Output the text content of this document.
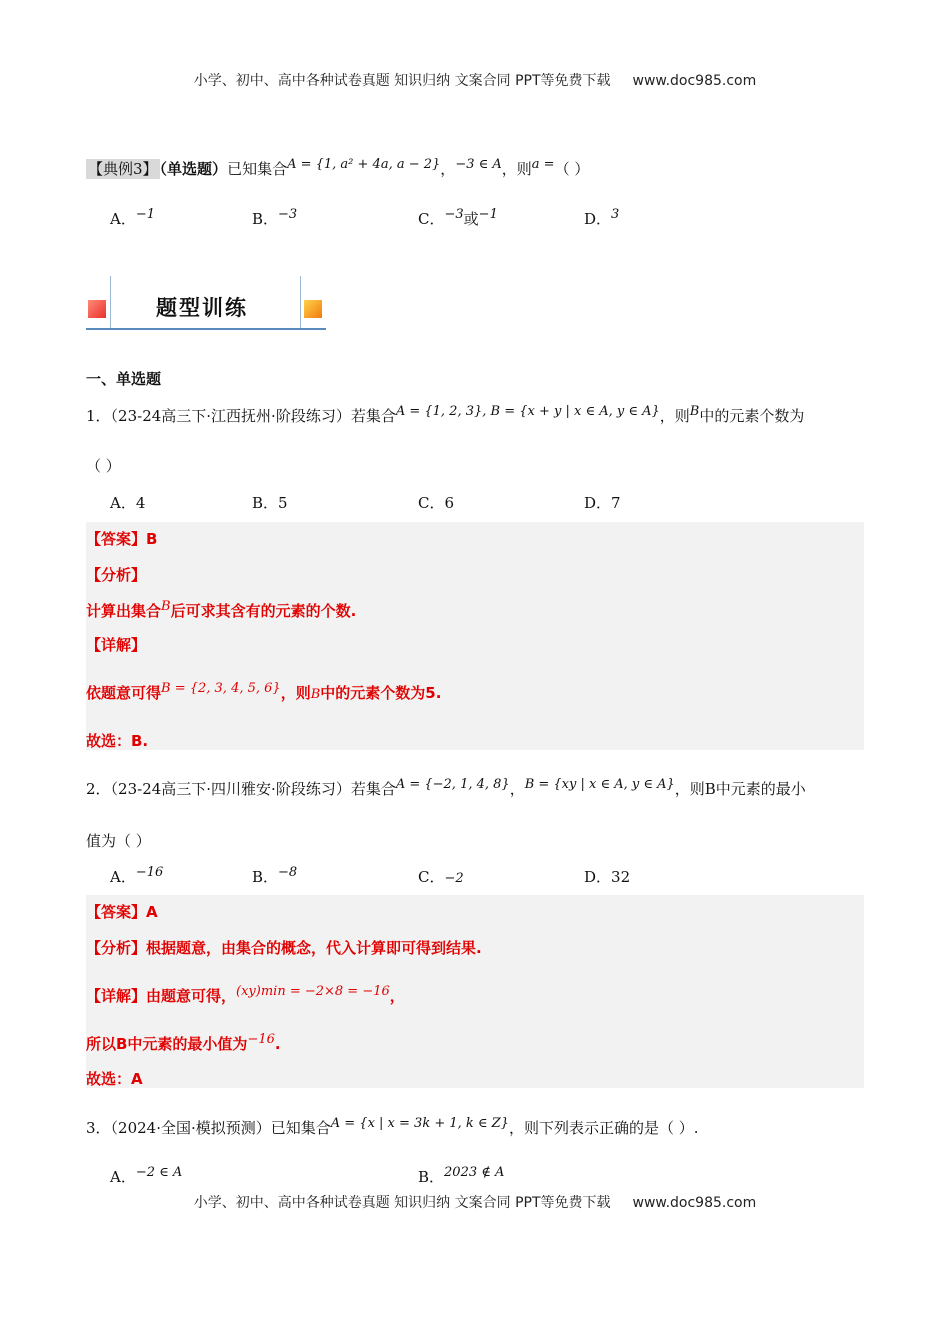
小学、初中、高中各种试卷真题 知识归纳 文案合同 PPT等免费下载 www.doc985.com
【典例3】 （单选题）已知集合A = {1, a² + 4a, a − 2}，−3 ∈ A，则a =（ ）
A．−1	B．−3	C．−3或−1	D．3
题型训练
一、单选题
1．（23-24高三下·江西抚州·阶段练习）若集合A = {1, 2, 3}, B = {x + y | x ∈ A, y ∈ A}，则B中的元素个数为
（ ）
A．4	B．5	C．6	D．7
【答案】B
【分析】
计算出集合B后可求其含有的元素的个数.
【详解】
依题意可得B = {2, 3, 4, 5, 6}，则B中的元素个数为5.
故选：B.
2．（23-24高三下·四川雅安·阶段练习）若集合A = {−2, 1, 4, 8}，B = {xy | x ∈ A, y ∈ A}，则B中元素的最小
值为（ ）
A．−16	B．−8	C．−2	D．32
【答案】A
【分析】根据题意，由集合的概念，代入计算即可得到结果.
【详解】由题意可得，(xy)min = −2×8 = −16，
所以B中元素的最小值为−16.
故选：A
3．（2024·全国·模拟预测）已知集合A = {x | x = 3k + 1, k ∈ Z}，则下列表示正确的是（ ）.
A．−2 ∈ A	B．2023 ∉ A
小学、初中、高中各种试卷真题 知识归纳 文案合同 PPT等免费下载 www.doc985.com
